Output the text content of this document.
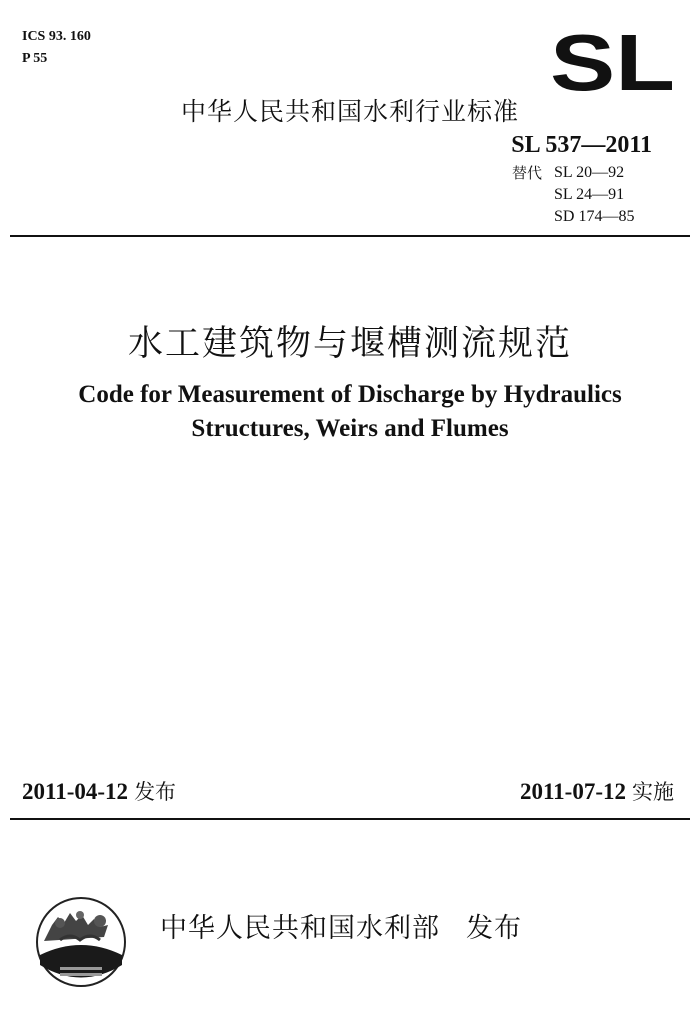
ICS 93. 160
P 55	SL
中华人民共和国水利行业标准
SL 537—2011
替代 SL 20—92
SL 24—91
SD 174—85
水工建筑物与堰槽测流规范
Code for Measurement of Discharge by Hydraulics
Structures, Weirs and Flumes
2011-04-12 发布	2011-07-12 实施
中华人民共和国水利部 发布
